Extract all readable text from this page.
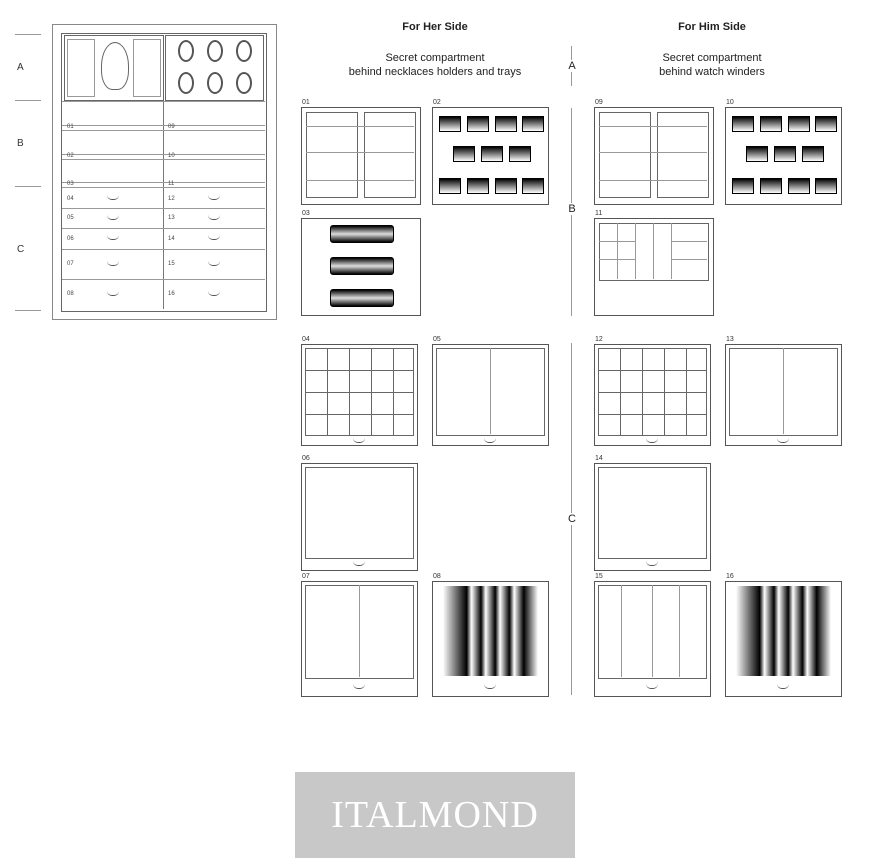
A
B
C
01
02
03
04
05
06
07
08
09
10
11
12
13
14
15
16
For Her Side
Secret compartment
behind necklaces holders and trays
For Him Side
Secret compartment
behind watch winders
A
B
C
01	02
03
09	10
11
04	05
06
07	08
12	13
14
15	16
ITALMOND
